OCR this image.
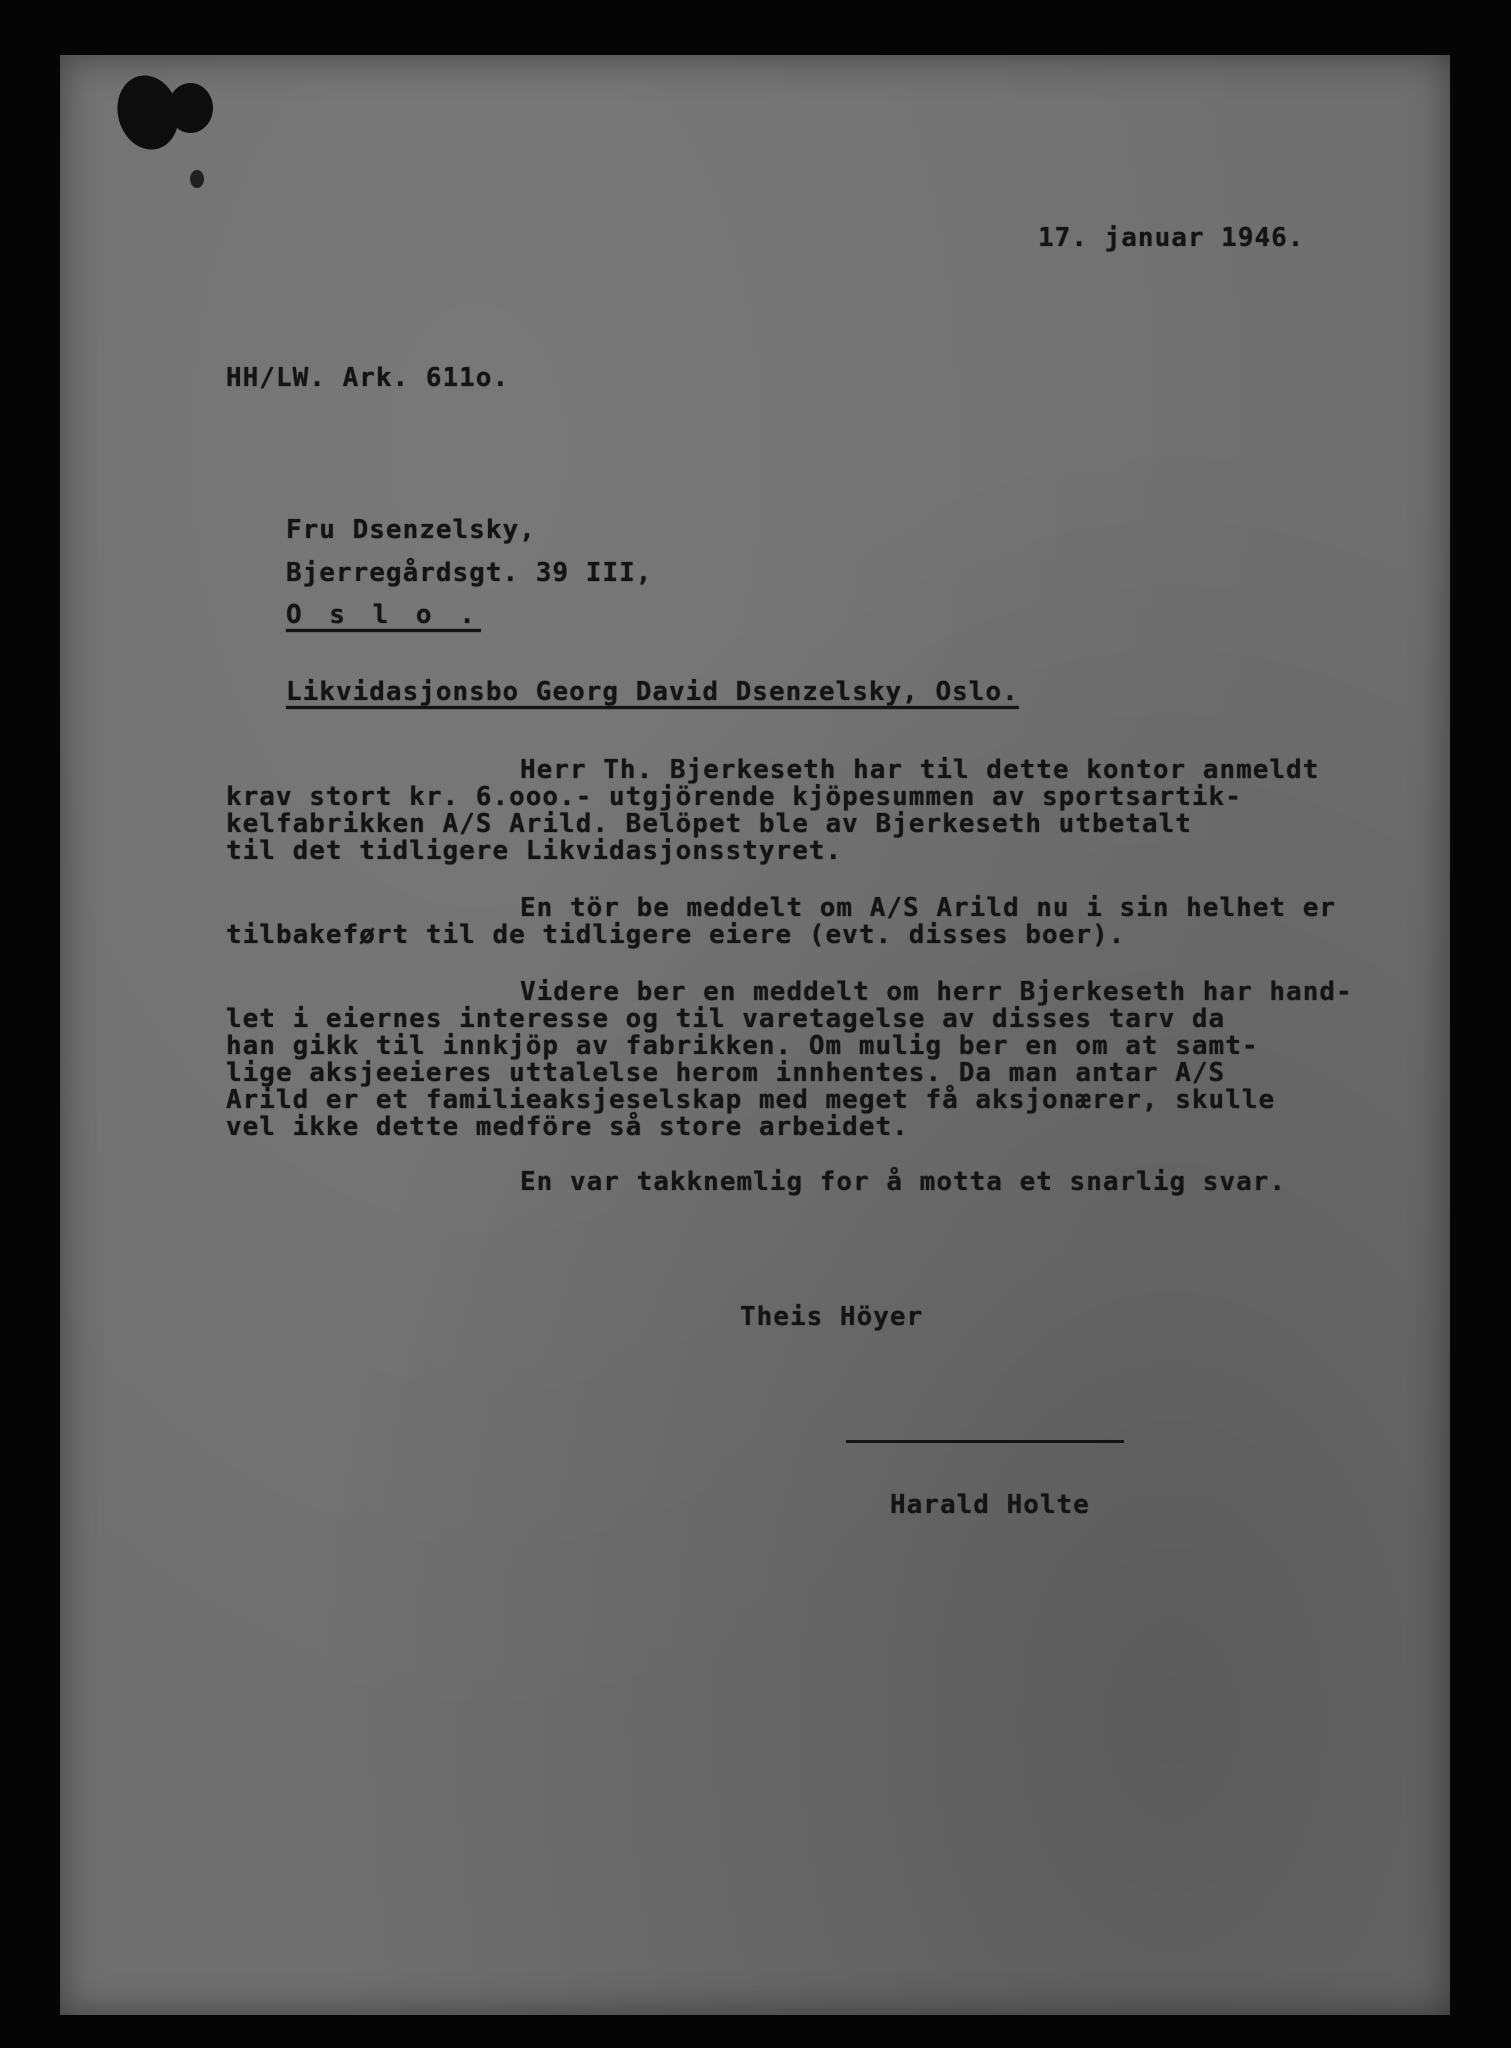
17. januar 1946.
HH/LW. Ark. 611o.
Fru Dsenzelsky,
Bjerregårdsgt. 39 III,
O s l o .
Likvidasjonsbo Georg David Dsenzelsky, Oslo.
Herr Th. Bjerkeseth har til dette kontor anmeldt
krav stort kr. 6.ooo.- utgjörende kjöpesummen av sportsartik-
kelfabrikken A/S Arild. Belöpet ble av Bjerkeseth utbetalt
til det tidligere Likvidasjonsstyret.
En tör be meddelt om A/S Arild nu i sin helhet er
tilbakeført til de tidligere eiere (evt. disses boer).
Videre ber en meddelt om herr Bjerkeseth har hand-
let i eiernes interesse og til varetagelse av disses tarv da
han gikk til innkjöp av fabrikken. Om mulig ber en om at samt-
lige aksjeeieres uttalelse herom innhentes. Da man antar A/S
Arild er et familieaksjeselskap med meget få aksjonærer, skulle
vel ikke dette medföre så store arbeidet.
En var takknemlig for å motta et snarlig svar.
Theis Höyer
Harald Holte
